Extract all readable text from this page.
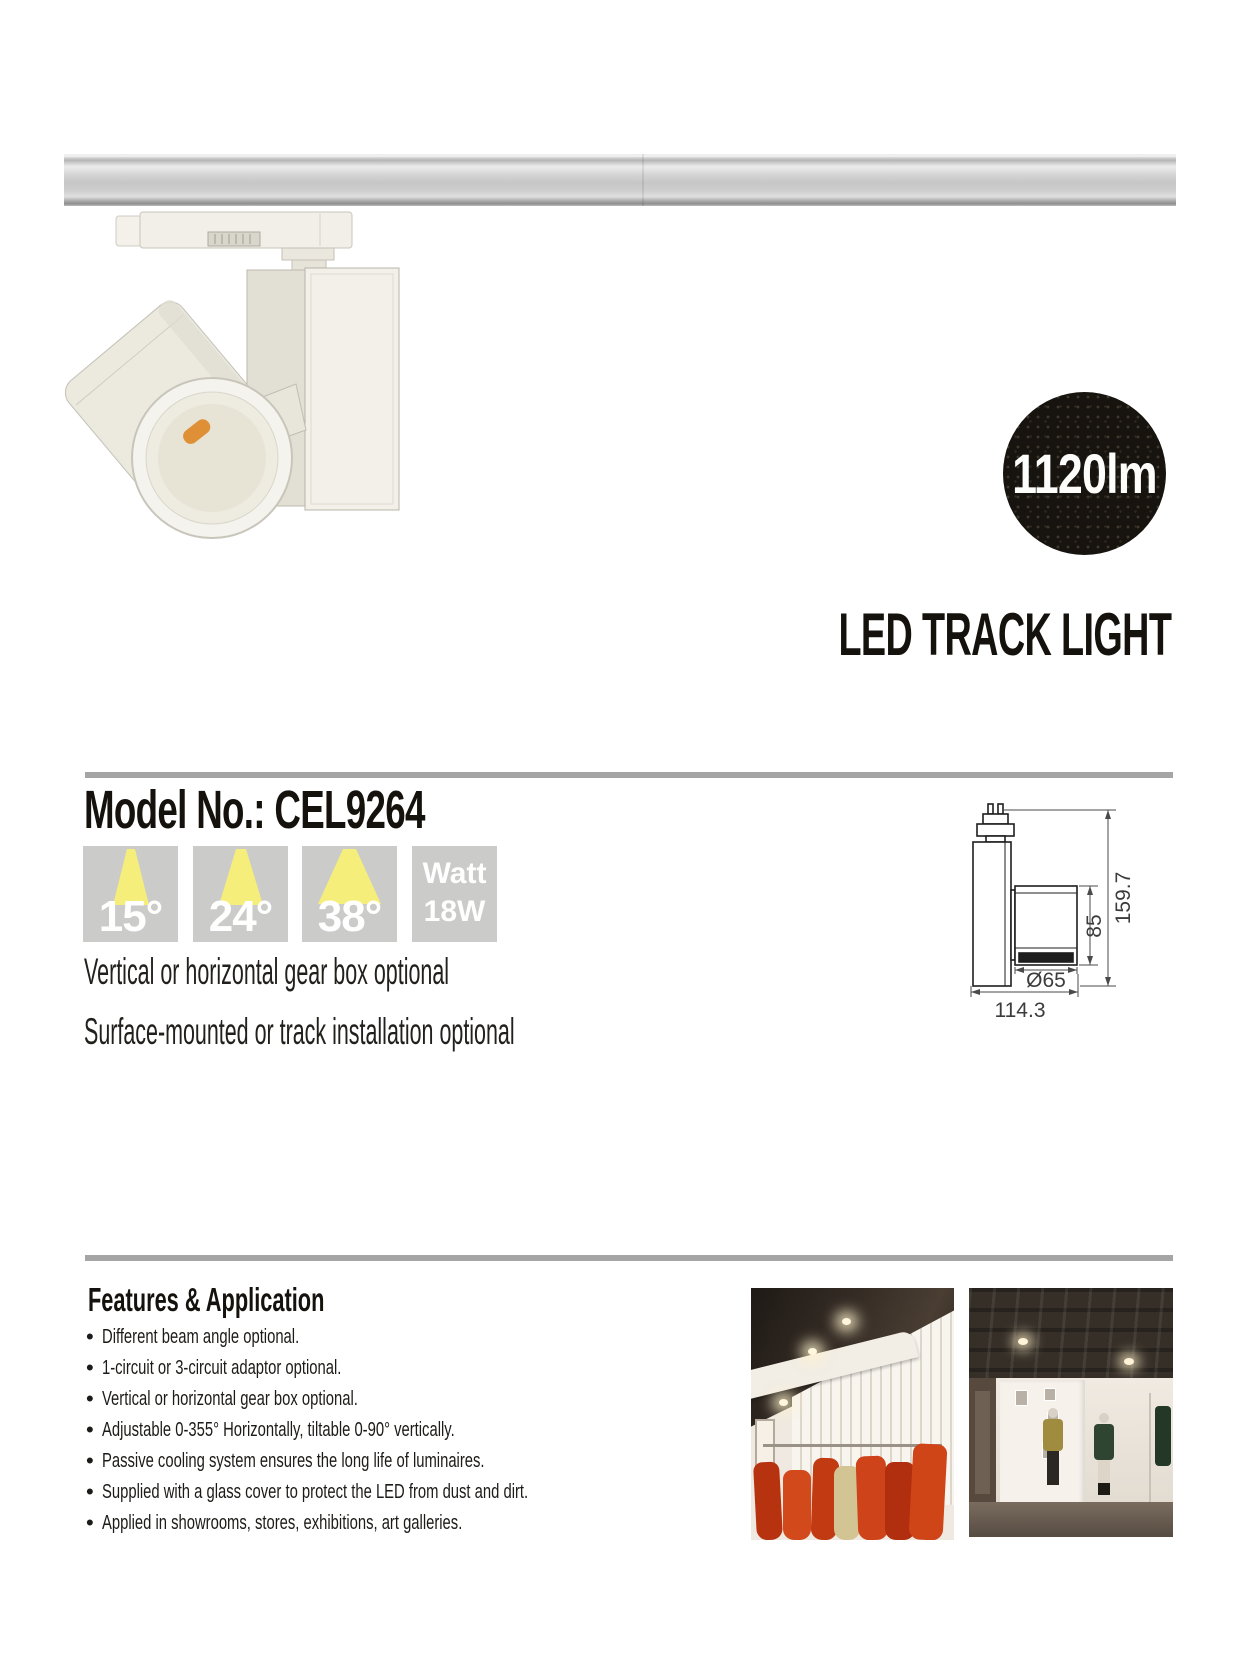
1120lm
LED TRACK LIGHT
Model No.: CEL9264
15°	24°	38°
Watt
18W
Vertical or horizontal gear box optional
Surface-mounted or track installation optional
Ø65
114.3
85
159.7
Features & Application
• Different beam angle optional.
• 1-circuit or 3-circuit adaptor optional.
• Vertical or horizontal gear box optional.
• Adjustable 0-355° Horizontally, tiltable 0-90° vertically.
• Passive cooling system ensures the long life of luminaires.
• Supplied with a glass cover to protect the LED from dust and dirt.
• Applied in showrooms, stores, exhibitions, art galleries.
